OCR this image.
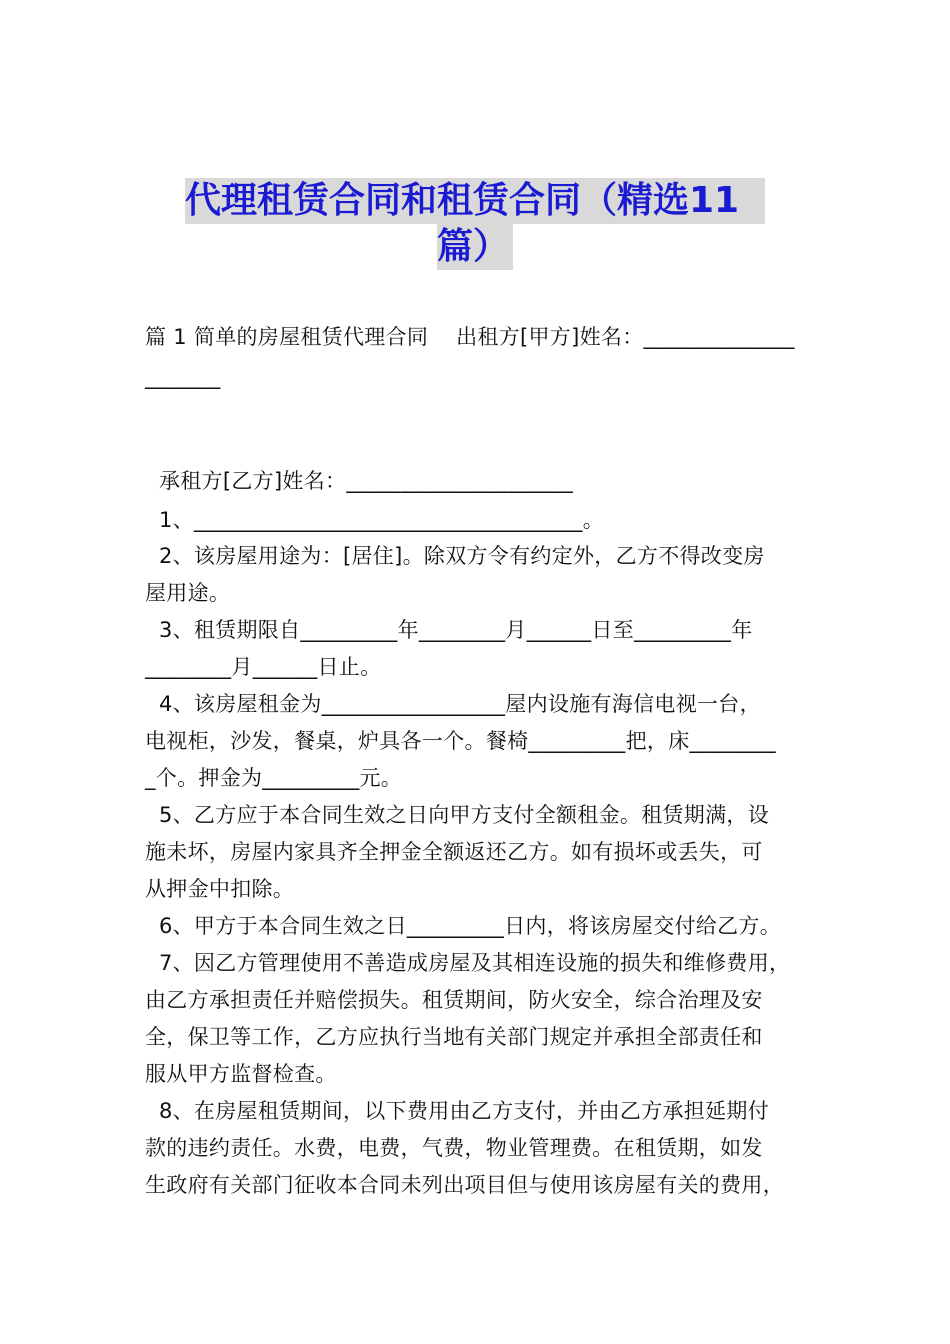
代理租赁合同和租赁合同（精选11
篇）
篇 1 简单的房屋租赁代理合同    出租方[甲方]姓名：______________
_______
承租方[乙方]姓名：_____________________
1、____________________________________。
2、该房屋用途为：[居住]。除双方令有约定外，乙方不得改变房
屋用途。
3、租赁期限自_________年________月______日至_________年
________月______日止。
4、该房屋租金为_________________屋内设施有海信电视一台，
电视柜，沙发，餐桌，炉具各一个。餐椅_________把，床________
_个。押金为_________元。
5、乙方应于本合同生效之日向甲方支付全额租金。租赁期满，设
施未坏，房屋内家具齐全押金全额返还乙方。如有损坏或丢失，可
从押金中扣除。
6、甲方于本合同生效之日_________日内，将该房屋交付给乙方。
7、因乙方管理使用不善造成房屋及其相连设施的损失和维修费用，
由乙方承担责任并赔偿损失。租赁期间，防火安全，综合治理及安
全，保卫等工作，乙方应执行当地有关部门规定并承担全部责任和
服从甲方监督检查。
8、在房屋租赁期间，以下费用由乙方支付，并由乙方承担延期付
款的违约责任。水费，电费，气费，物业管理费。在租赁期，如发
生政府有关部门征收本合同未列出项目但与使用该房屋有关的费用，
